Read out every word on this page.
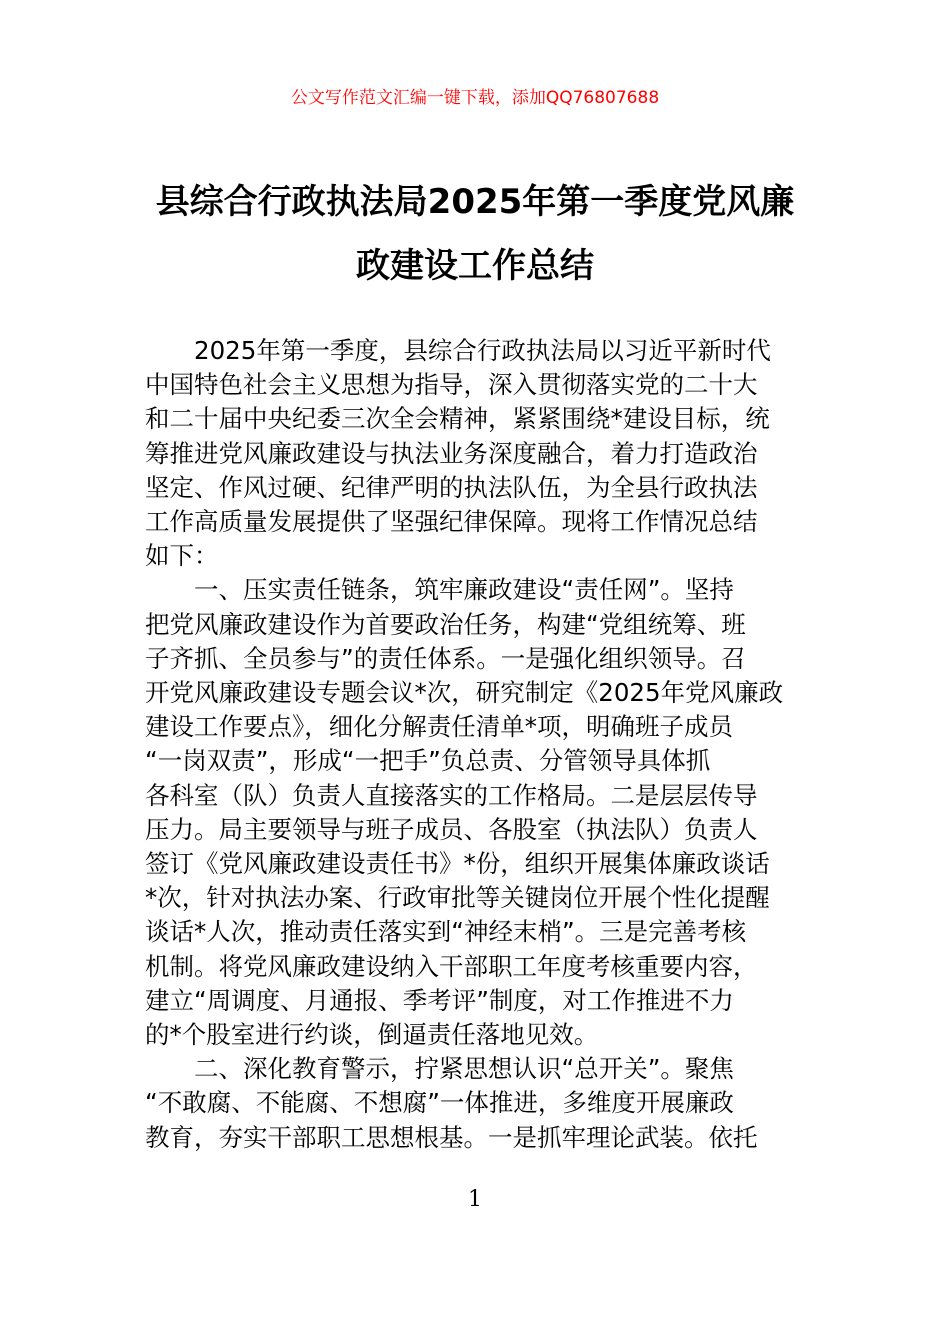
公文写作范文汇编一键下载，添加QQ76807688
县综合行政执法局2025年第一季度党风廉
政建设工作总结

　　2025年第一季度，县综合行政执法局以习近平新时代
中国特色社会主义思想为指导，深入贯彻落实党的二十大
和二十届中央纪委三次全会精神，紧紧围绕*建设目标，统
筹推进党风廉政建设与执法业务深度融合，着力打造政治
坚定、作风过硬、纪律严明的执法队伍，为全县行政执法
工作高质量发展提供了坚强纪律保障。现将工作情况总结
如下：

　　一、压实责任链条，筑牢廉政建设“责任网”。坚持
把党风廉政建设作为首要政治任务，构建“党组统筹、班
子齐抓、全员参与”的责任体系。一是强化组织领导。召
开党风廉政建设专题会议*次，研究制定《2025年党风廉政
建设工作要点》，细化分解责任清单*项，明确班子成员
“一岗双责”，形成“一把手”负总责、分管领导具体抓
各科室（队）负责人直接落实的工作格局。二是层层传导
压力。局主要领导与班子成员、各股室（执法队）负责人
签订《党风廉政建设责任书》*份，组织开展集体廉政谈话
*次，针对执法办案、行政审批等关键岗位开展个性化提醒
谈话*人次，推动责任落实到“神经末梢”。三是完善考核
机制。将党风廉政建设纳入干部职工年度考核重要内容，
建立“周调度、月通报、季考评”制度，对工作推进不力
的*个股室进行约谈，倒逼责任落地见效。

　　二、深化教育警示，拧紧思想认识“总开关”。聚焦
“不敢腐、不能腐、不想腐”一体推进，多维度开展廉政
教育，夯实干部职工思想根基。一是抓牢理论武装。依托

1
